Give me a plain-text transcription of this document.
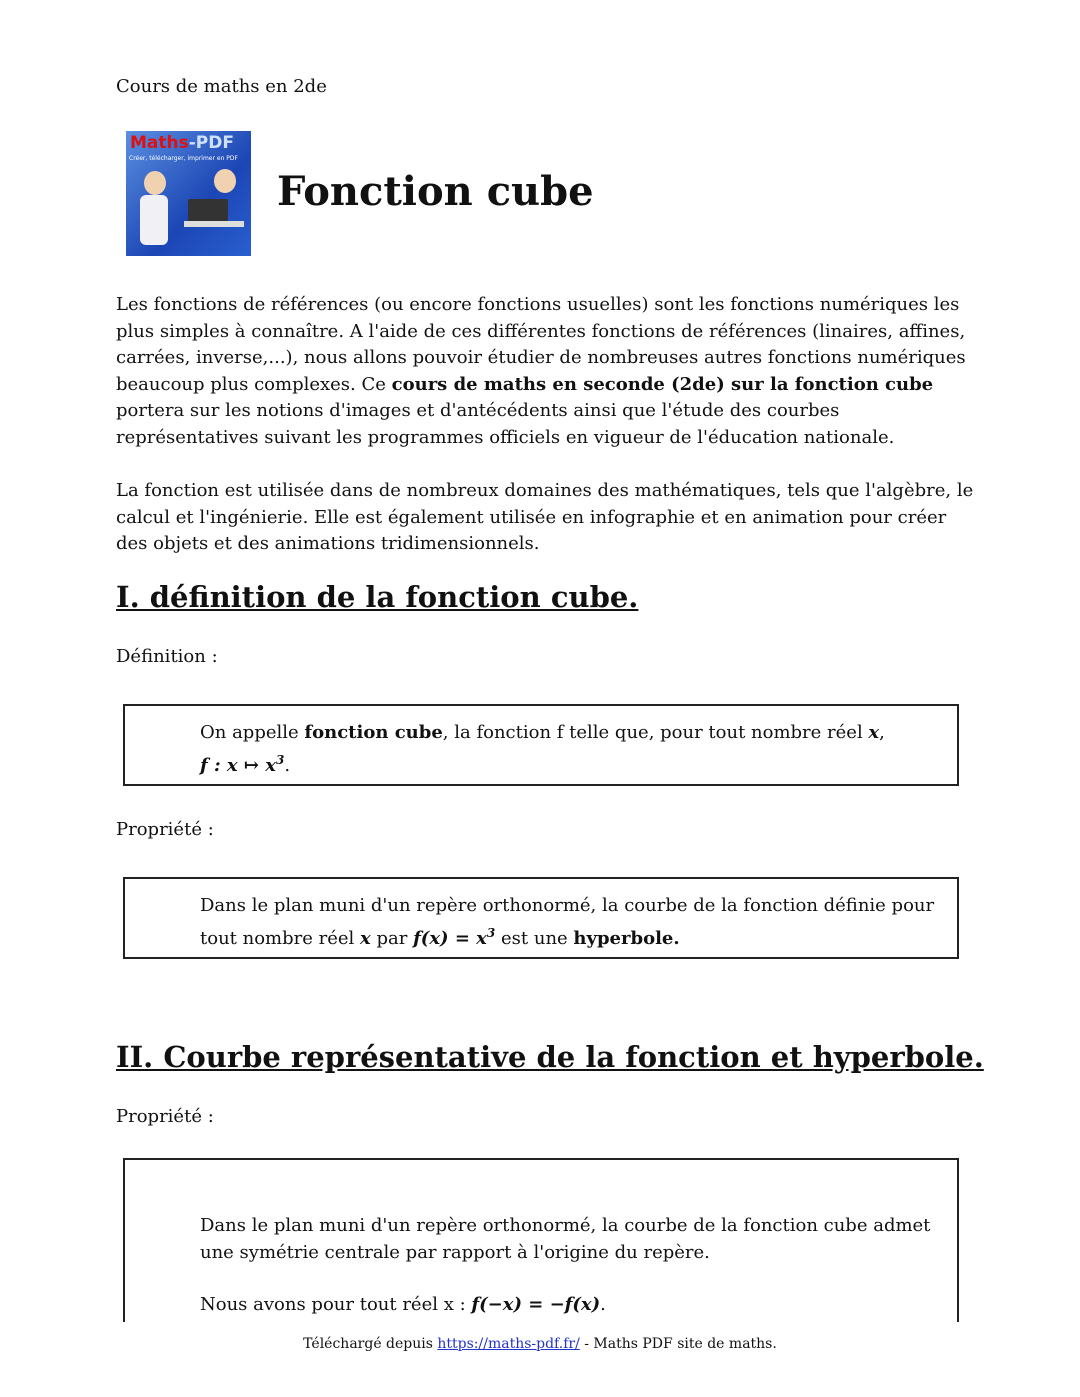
Cours de maths en 2de
Maths-PDF
Créer, télécharger, imprimer en PDF
Fonction cube
Les fonctions de références (ou encore fonctions usuelles) sont les fonctions numériques les plus simples à connaître. A l'aide de ces différentes fonctions de références (linaires, affines, carrées, inverse,...), nous allons pouvoir étudier de nombreuses autres fonctions numériques beaucoup plus complexes. Ce cours de maths en seconde (2de) sur la fonction cube portera sur les notions d'images et d'antécédents ainsi que l'étude des courbes représentatives suivant les programmes officiels en vigueur de l'éducation nationale.
La fonction est utilisée dans de nombreux domaines des mathématiques, tels que l'algèbre, le calcul et l'ingénierie. Elle est également utilisée en infographie et en animation pour créer des objets et des animations tridimensionnels.
I. définition de la fonction cube.
Définition :
On appelle fonction cube, la fonction f telle que, pour tout nombre réel x,
f : x ↦ $x^3$.
Propriété :
Dans le plan muni d'un repère orthonormé, la courbe de la fonction définie pour tout nombre réel x par $f(x) = x^3$ est une hyperbole.
II. Courbe représentative de la fonction et hyperbole.
Propriété :
Dans le plan muni d'un repère orthonormé, la courbe de la fonction cube admet une symétrie centrale par rapport à l'origine du repère.
Nous avons pour tout réel x : f(−x) = −f(x).
Téléchargé depuis https://maths-pdf.fr/ - Maths PDF site de maths.
